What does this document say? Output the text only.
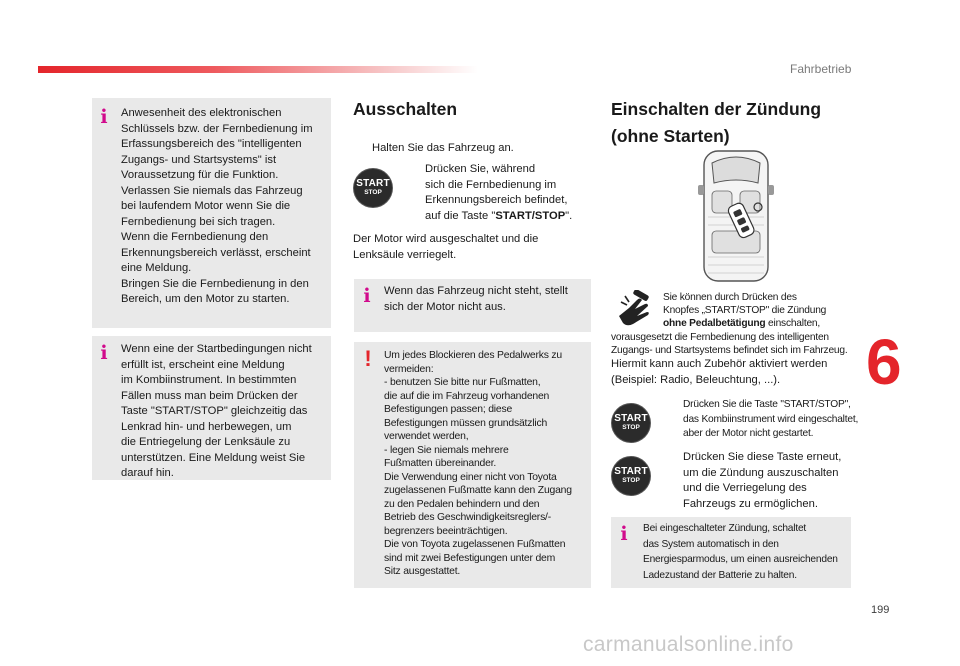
Fahrbetrieb
6
199
carmanualsonline.info
i	Anwesenheit des elektronischen
Schlüssels bzw. der Fernbedienung im
Erfassungsbereich des "intelligenten
Zugangs- und Startsystems" ist
Voraussetzung für die Funktion.
Verlassen Sie niemals das Fahrzeug
bei laufendem Motor wenn Sie die
Fernbedienung bei sich tragen.
Wenn die Fernbedienung den
Erkennungsbereich verlässt, erscheint
eine Meldung.
Bringen Sie die Fernbedienung in den
Bereich, um den Motor zu starten.
i	Wenn eine der Startbedingungen nicht
erfüllt ist, erscheint eine Meldung
im Kombiinstrument. In bestimmten
Fällen muss man beim Drücken der
Taste "START/STOP" gleichzeitig das
Lenkrad hin- und herbewegen, um
die Entriegelung der Lenksäule zu
unterstützen. Eine Meldung weist Sie
darauf hin.
Ausschalten
Halten Sie das Fahrzeug an.
START
STOP
Drücken Sie, während
sich die Fernbedienung im
Erkennungsbereich befindet,
auf die Taste "START/STOP".
Der Motor wird ausgeschaltet und die
Lenksäule verriegelt.
i	Wenn das Fahrzeug nicht steht, stellt
sich der Motor nicht aus.
!	Um jedes Blockieren des Pedalwerks zu
vermeiden:
- benutzen Sie bitte nur Fußmatten,
die auf die im Fahrzeug vorhandenen
Befestigungen passen; diese
Befestigungen müssen grundsätzlich
verwendet werden,
- legen Sie niemals mehrere
Fußmatten übereinander.
Die Verwendung einer nicht von Toyota
zugelassenen Fußmatte kann den Zugang
zu den Pedalen behindern und den
Betrieb des Geschwindigkeitsreglers/-
begrenzers beeinträchtigen.
Die von Toyota zugelassenen Fußmatten
sind mit zwei Befestigungen unter dem
Sitz ausgestattet.
Einschalten der Zündung
(ohne Starten)
Sie können durch Drücken des
Knopfes „START/STOP" die Zündung
ohne Pedalbetätigung einschalten,
vorausgesetzt die Fernbedienung des intelligenten
Zugangs- und Startsystems befindet sich im Fahrzeug.
Hiermit kann auch Zubehör aktiviert werden
(Beispiel: Radio, Beleuchtung, ...).
START
STOP
Drücken Sie die Taste "START/STOP",
das Kombiinstrument wird eingeschaltet,
aber der Motor nicht gestartet.
START
STOP
Drücken Sie diese Taste erneut,
um die Zündung auszuschalten
und die Verriegelung des
Fahrzeugs zu ermöglichen.
i	Bei eingeschalteter Zündung, schaltet
das System automatisch in den
Energiesparmodus, um einen ausreichenden
Ladezustand der Batterie zu halten.
